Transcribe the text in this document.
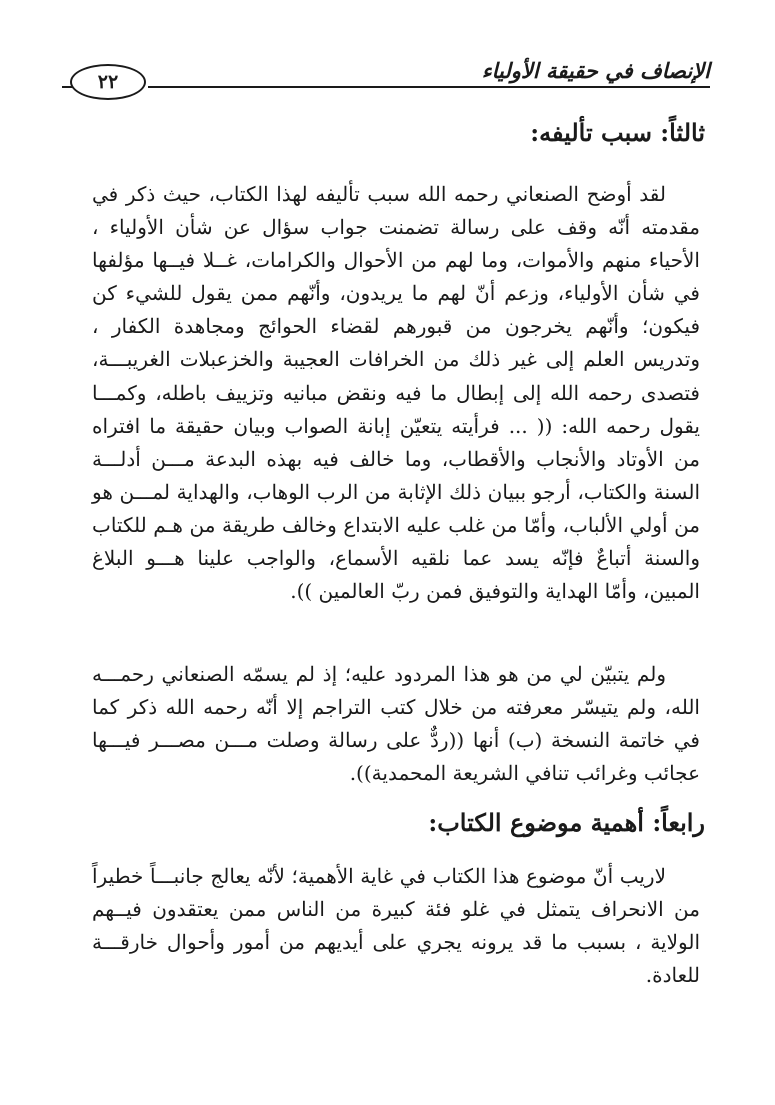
الإنصاف في حقيقة الأولياء
٢٢
ثالثاً: سبب تأليفه:

لقد أوضح الصنعاني رحمه الله سبب تأليفه لهذا الكتاب، حيث ذكر في مقدمته أنّه وقف على رسالة تضمنت جواب سؤال عن شأن الأولياء ، الأحياء منهم والأموات، وما لهم من الأحوال والكرامات، غــلا فيــها مؤلفها في شأن الأولياء، وزعم أنّ لهم ما يريدون، وأنّهم ممن يقول للشيء كن فيكون؛ وأنّهم يخرجون من قبورهم لقضاء الحوائج ومجاهدة الكفار ، وتدريس العلم إلى غير ذلك من الخرافات العجيبة والخزعبلات الغريبـــة، فتصدى رحمه الله إلى إبطال ما فيه ونقض مبانيه وتزييف باطله، وكمـــا يقول رحمه الله: (( ... فرأيته يتعيّن إبانة الصواب وبيان حقيقة ما افتراه من الأوتاد والأنجاب والأقطاب، وما خالف فيه بهذه البدعة مـــن أدلـــة السنة والكتاب، أرجو ببيان ذلك الإثابة من الرب الوهاب، والهداية لمـــن هو من أولي الألباب، وأمّا من غلب عليه الابتداع وخالف طريقة من هـم للكتاب والسنة أتباعٌ فإنّه يسد عما نلقيه الأسماع، والواجب علينا هـــو البلاغ المبين، وأمّا الهداية والتوفيق فمن ربّ العالمين )).

ولم يتبيّن لي من هو هذا المردود عليه؛ إذ لم يسمّه الصنعاني رحمـــه الله، ولم يتيسّر معرفته من خلال كتب التراجم إلا أنّه رحمه الله ذكر كما في خاتمة النسخة (ب) أنها ((ردٌّ على رسالة وصلت مـــن مصـــر فيـــها عجائب وغرائب تنافي الشريعة المحمدية)).

رابعاً: أهمية موضوع الكتاب:

لاريب أنّ موضوع هذا الكتاب في غاية الأهمية؛ لأنّه يعالج جانبـــاً خطيراً من الانحراف يتمثل في غلو فئة كبيرة من الناس ممن يعتقدون فيــهم الولاية ، بسبب ما قد يرونه يجري على أيديهم من أمور وأحوال خارقـــة للعادة.
